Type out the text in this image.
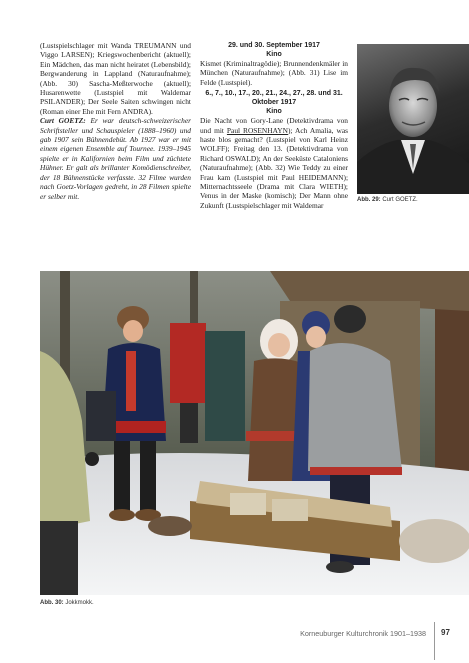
(Lustspielschlager mit Wanda TREUMANN und Viggo LARSEN); Kriegswochenbericht (aktuell); Ein Mädchen, das man nicht heiratet (Lebensbild); Bergwanderung in Lappland (Naturaufnahme); (Abb. 30) Sascha-Meßterwoche (aktuell); Husarenwette (Lustspiel mit Waldemar PSILANDER); Der Seele Saiten schwingen nicht (Roman einer Ehe mit Fern ANDRA).

Curt GOETZ: Er war deutsch-schweizerischer Schriftsteller und Schauspieler (1888–1960) und gab 1907 sein Bühnendebüt. Ab 1927 war er mit einem eigenen Ensemble auf Tournee. 1939–1945 spielte er in Kalifornien beim Film und züchtete Hühner. Er galt als brillanter Komödienschreiber, der 18 Bühnenstücke verfasste. 32 Filme wurden nach Goetz-Vorlagen gedreht, in 28 Filmen spielte er selber mit.

29. und 30. September 1917

Kino

Kismet (Kriminaltragödie); Brunnendenkmäler in München (Naturaufnahme); (Abb. 31) Lise im Felde (Lustspiel).

6., 7., 10., 17., 20., 21., 24., 27., 28. und 31. Oktober 1917

Kino

Die Nacht von Gory-Lane (Detektivdrama von und mit Paul ROSENHAYN); Ach Amalia, was haste blos gemacht? (Lustspiel von Karl Heinz WOLFF); Freitag den 13. (Detektivdrama von Richard OSWALD); An der Seeküste Cataloniens (Naturaufnahme); (Abb. 32) Wie Teddy zu einer Frau kam (Lustspiel mit Paul HEIDEMANN); Mitternachtsseele (Drama mit Clara WIETH); Venus in der Maske (komisch); Der Mann ohne Zukunft (Lustspielschlager mit Waldemar

Abb. 29: Curt GOETZ.
Abb. 30: Jokkmokk.
Korneuburger Kulturchronik 1901–1938 97
